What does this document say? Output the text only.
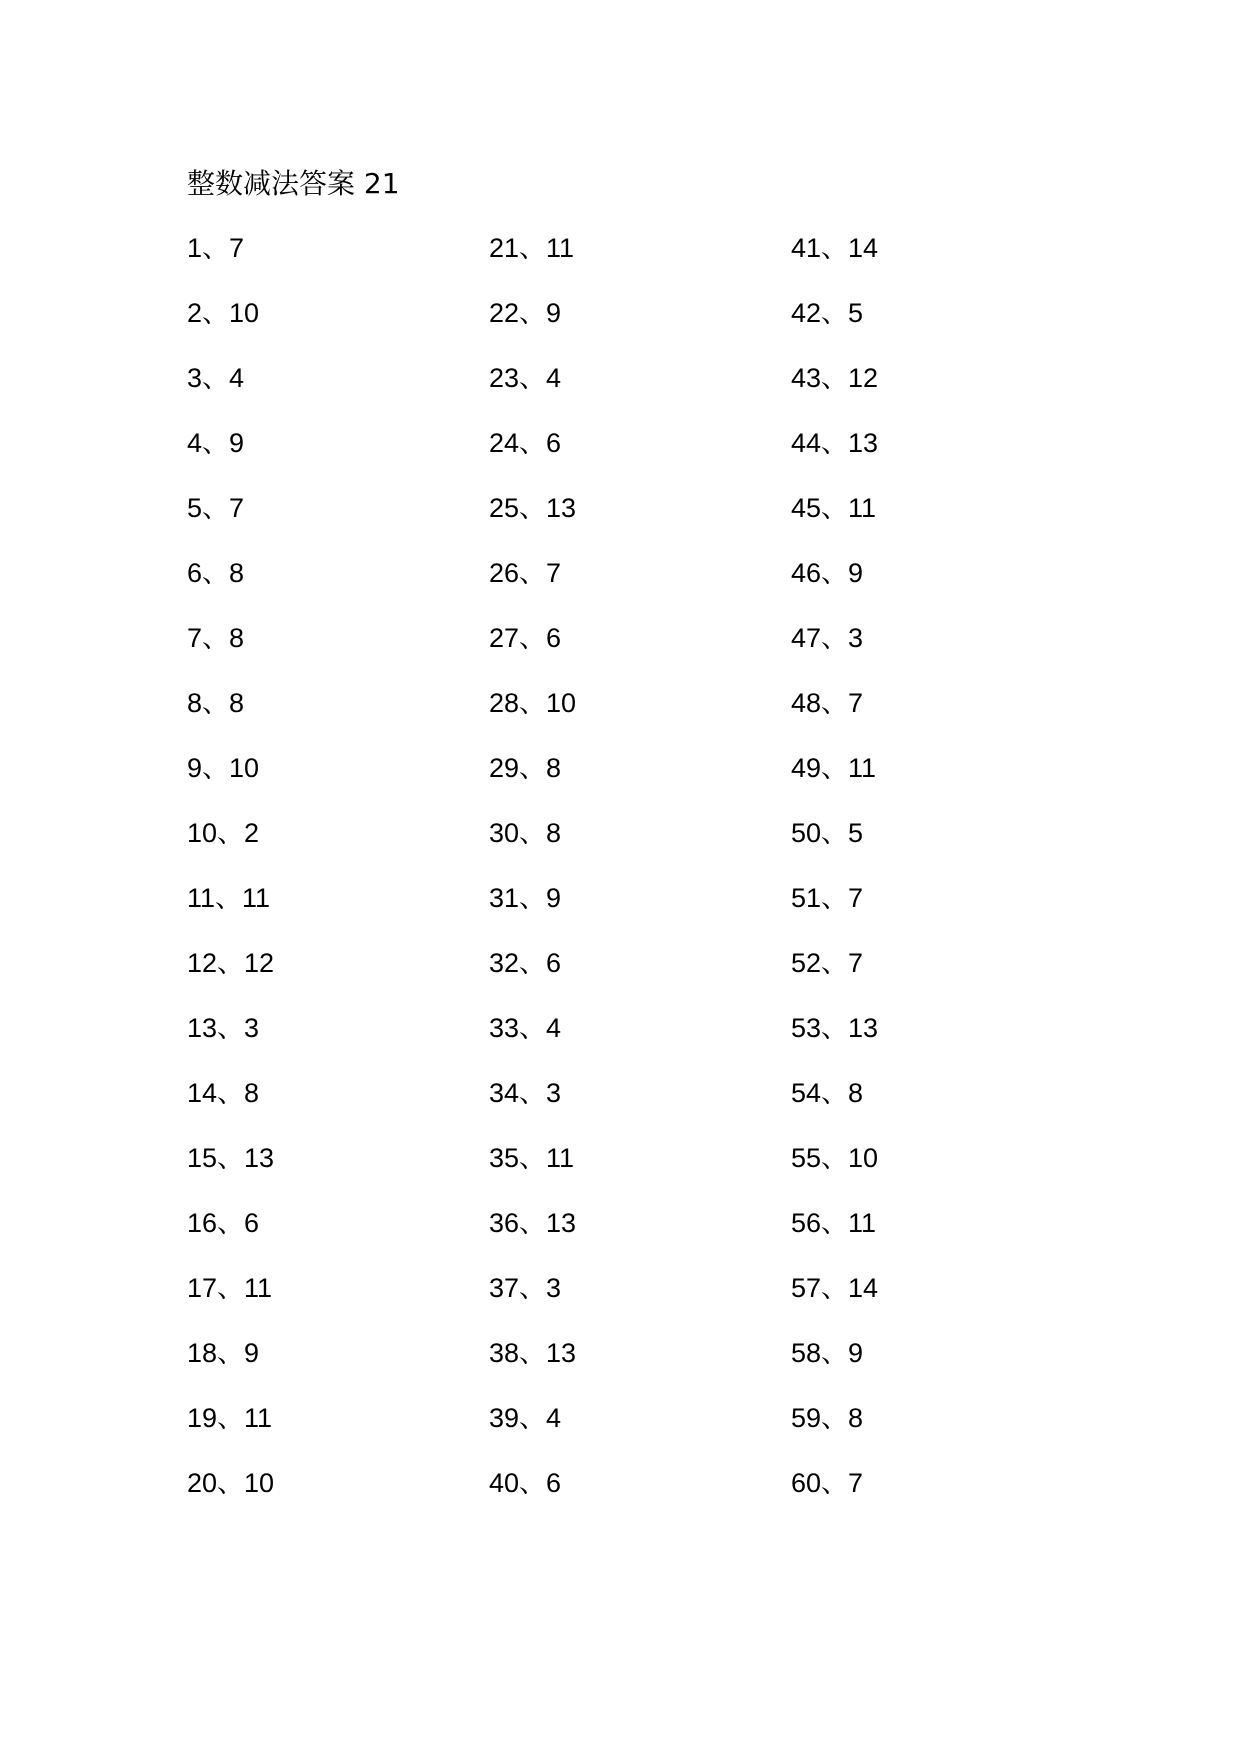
整数减法答案 21
1、7
2、10
3、4
4、9
5、7
6、8
7、8
8、8
9、10
10、2
11、11
12、12
13、3
14、8
15、13
16、6
17、11
18、9
19、11
20、10
21、11
22、9
23、4
24、6
25、13
26、7
27、6
28、10
29、8
30、8
31、9
32、6
33、4
34、3
35、11
36、13
37、3
38、13
39、4
40、6
41、14
42、5
43、12
44、13
45、11
46、9
47、3
48、7
49、11
50、5
51、7
52、7
53、13
54、8
55、10
56、11
57、14
58、9
59、8
60、7
